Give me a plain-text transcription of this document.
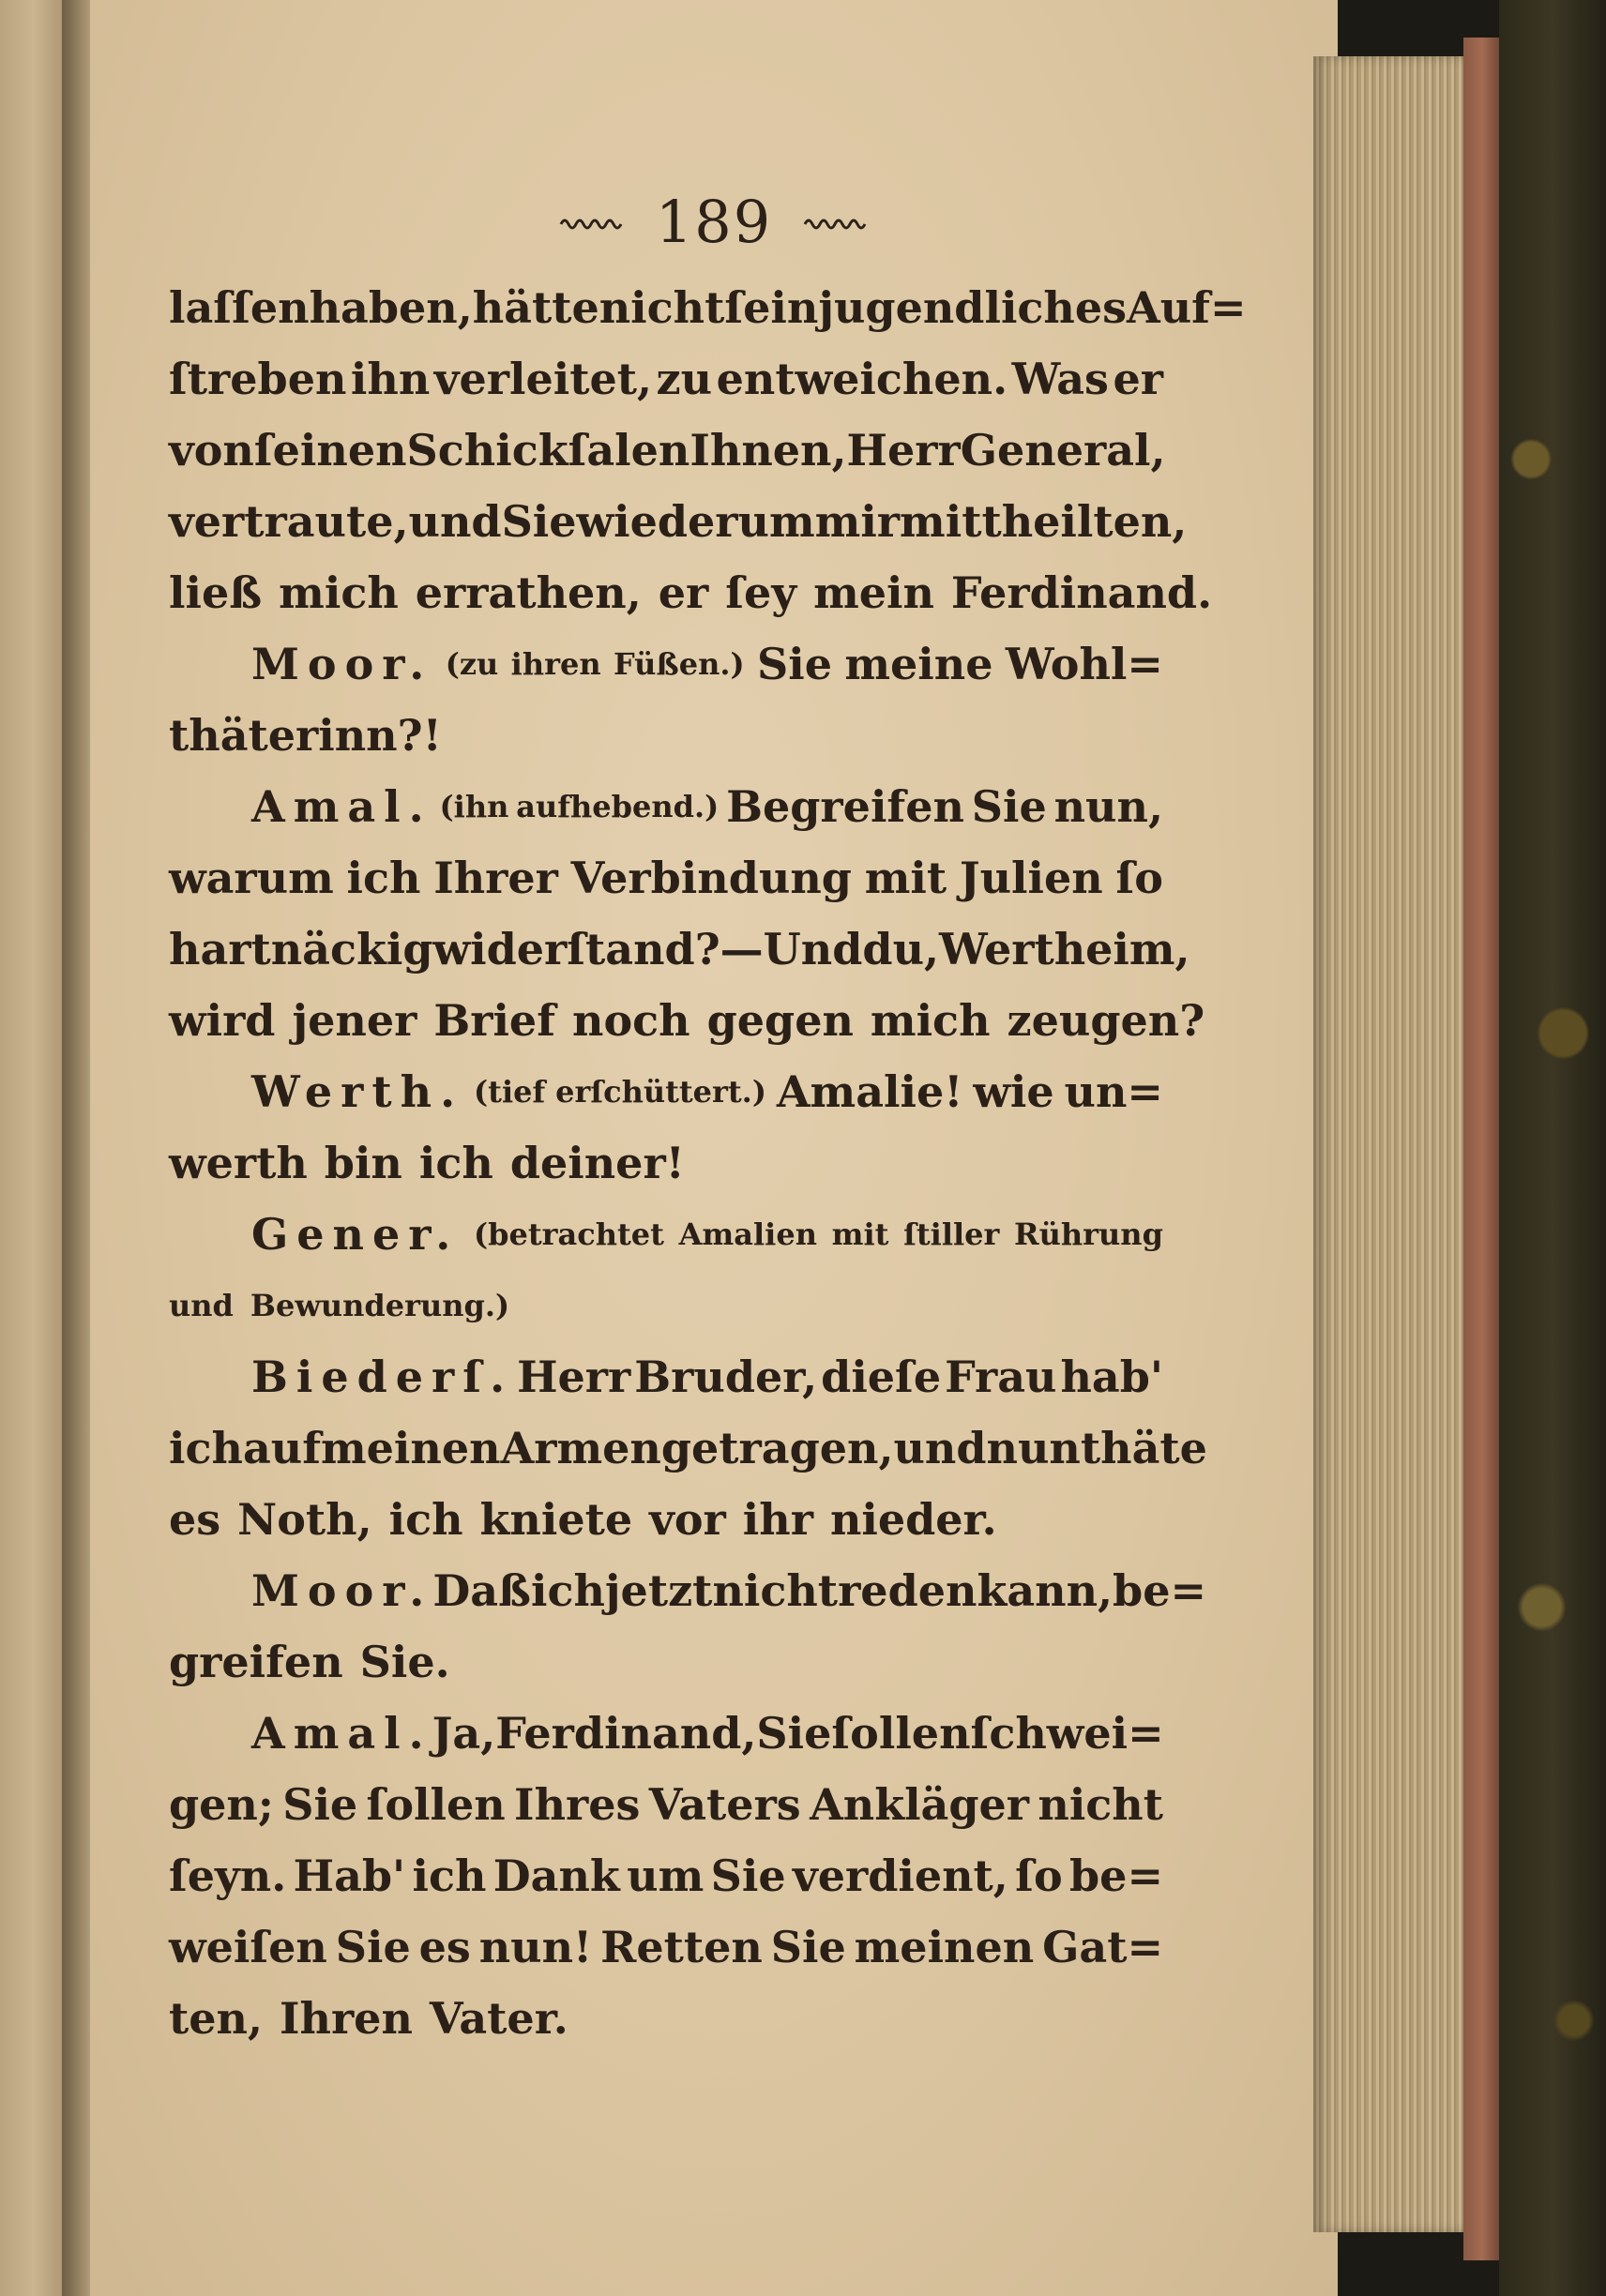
189
laſſen haben, hätte nicht ſein jugendliches Auf=
ſtreben ihn verleitet, zu entweichen. Was er
von ſeinen Schickſalen Ihnen, Herr General,
vertraute, und Sie wiederum mir mittheilten,
ließ mich errathen, er ſey mein Ferdinand.
Moor. (zu ihren Füßen.) Sie meine Wohl=
thäterinn?!
Amal. (ihn aufhebend.) Begreifen Sie nun,
warum ich Ihrer Verbindung mit Julien ſo
hartnäckig widerſtand? — Und du, Wertheim,
wird jener Brief noch gegen mich zeugen?
Werth. (tief erſchüttert.) Amalie! wie un=
werth bin ich deiner!
Gener. (betrachtet Amalien mit ſtiller Rührung
und Bewunderung.)
Biederſ. Herr Bruder, dieſe Frau hab'
ich auf meinen Armen getragen, und nun thäte
es Noth, ich kniete vor ihr nieder.
Moor. Daß ich jetzt nicht reden kann, be=
greifen Sie.
Amal. Ja, Ferdinand, Sie ſollen ſchwei=
gen; Sie ſollen Ihres Vaters Ankläger nicht
ſeyn. Hab' ich Dank um Sie verdient, ſo be=
weiſen Sie es nun! Retten Sie meinen Gat=
ten, Ihren Vater.
